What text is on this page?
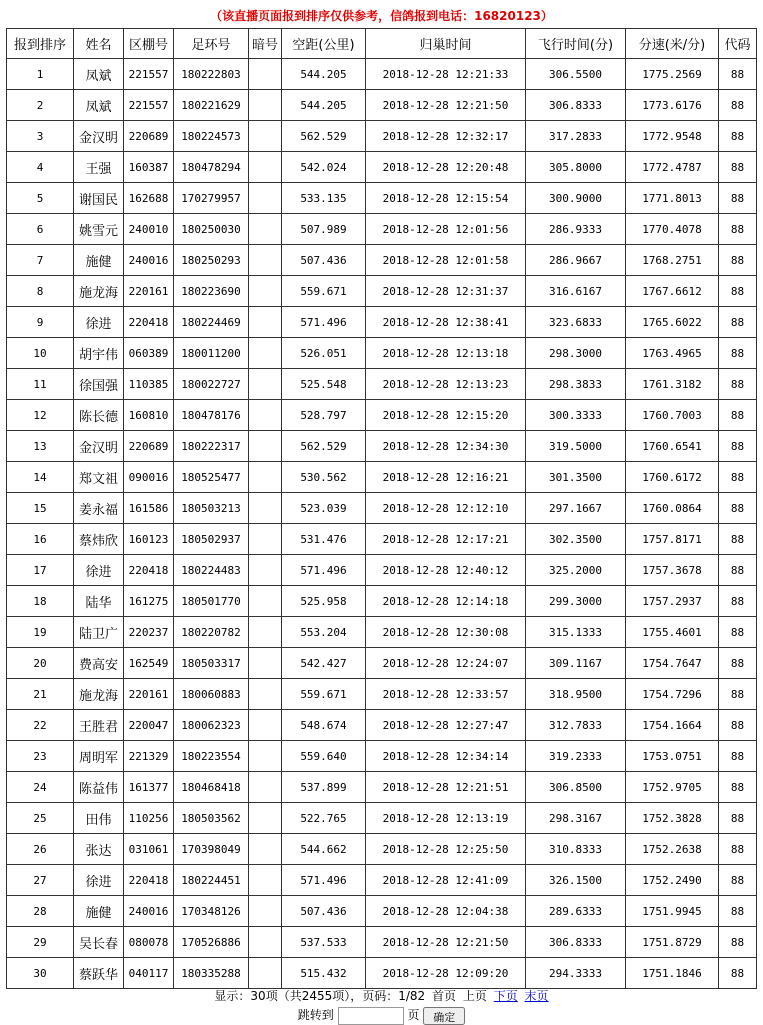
（该直播页面报到排序仅供参考，信鸽报到电话：16820123）
报到排序	姓名	区棚号	足环号	暗号	空距(公里)	归巢时间	飞行时间(分)	分速(米/分)	代码
1	凤斌	221557	180222803		544.205	2018-12-28 12:21:33	306.5500	1775.2569	88
2	凤斌	221557	180221629		544.205	2018-12-28 12:21:50	306.8333	1773.6176	88
3	金汉明	220689	180224573		562.529	2018-12-28 12:32:17	317.2833	1772.9548	88
4	王强	160387	180478294		542.024	2018-12-28 12:20:48	305.8000	1772.4787	88
5	谢国民	162688	170279957		533.135	2018-12-28 12:15:54	300.9000	1771.8013	88
6	姚雪元	240010	180250030		507.989	2018-12-28 12:01:56	286.9333	1770.4078	88
7	施健	240016	180250293		507.436	2018-12-28 12:01:58	286.9667	1768.2751	88
8	施龙海	220161	180223690		559.671	2018-12-28 12:31:37	316.6167	1767.6612	88
9	徐进	220418	180224469		571.496	2018-12-28 12:38:41	323.6833	1765.6022	88
10	胡宇伟	060389	180011200		526.051	2018-12-28 12:13:18	298.3000	1763.4965	88
11	徐国强	110385	180022727		525.548	2018-12-28 12:13:23	298.3833	1761.3182	88
12	陈长德	160810	180478176		528.797	2018-12-28 12:15:20	300.3333	1760.7003	88
13	金汉明	220689	180222317		562.529	2018-12-28 12:34:30	319.5000	1760.6541	88
14	郑文祖	090016	180525477		530.562	2018-12-28 12:16:21	301.3500	1760.6172	88
15	姜永福	161586	180503213		523.039	2018-12-28 12:12:10	297.1667	1760.0864	88
16	蔡炜欣	160123	180502937		531.476	2018-12-28 12:17:21	302.3500	1757.8171	88
17	徐进	220418	180224483		571.496	2018-12-28 12:40:12	325.2000	1757.3678	88
18	陆华	161275	180501770		525.958	2018-12-28 12:14:18	299.3000	1757.2937	88
19	陆卫广	220237	180220782		553.204	2018-12-28 12:30:08	315.1333	1755.4601	88
20	费高安	162549	180503317		542.427	2018-12-28 12:24:07	309.1167	1754.7647	88
21	施龙海	220161	180060883		559.671	2018-12-28 12:33:57	318.9500	1754.7296	88
22	王胜君	220047	180062323		548.674	2018-12-28 12:27:47	312.7833	1754.1664	88
23	周明军	221329	180223554		559.640	2018-12-28 12:34:14	319.2333	1753.0751	88
24	陈益伟	161377	180468418		537.899	2018-12-28 12:21:51	306.8500	1752.9705	88
25	田伟	110256	180503562		522.765	2018-12-28 12:13:19	298.3167	1752.3828	88
26	张达	031061	170398049		544.662	2018-12-28 12:25:50	310.8333	1752.2638	88
27	徐进	220418	180224451		571.496	2018-12-28 12:41:09	326.1500	1752.2490	88
28	施健	240016	170348126		507.436	2018-12-28 12:04:38	289.6333	1751.9945	88
29	吴长春	080078	170526886		537.533	2018-12-28 12:21:50	306.8333	1751.8729	88
30	蔡跃华	040117	180335288		515.432	2018-12-28 12:09:20	294.3333	1751.1846	88
显示：30项（共2455项），页码：1/82 首页 上页 下页 末页
跳转到	页 确定
